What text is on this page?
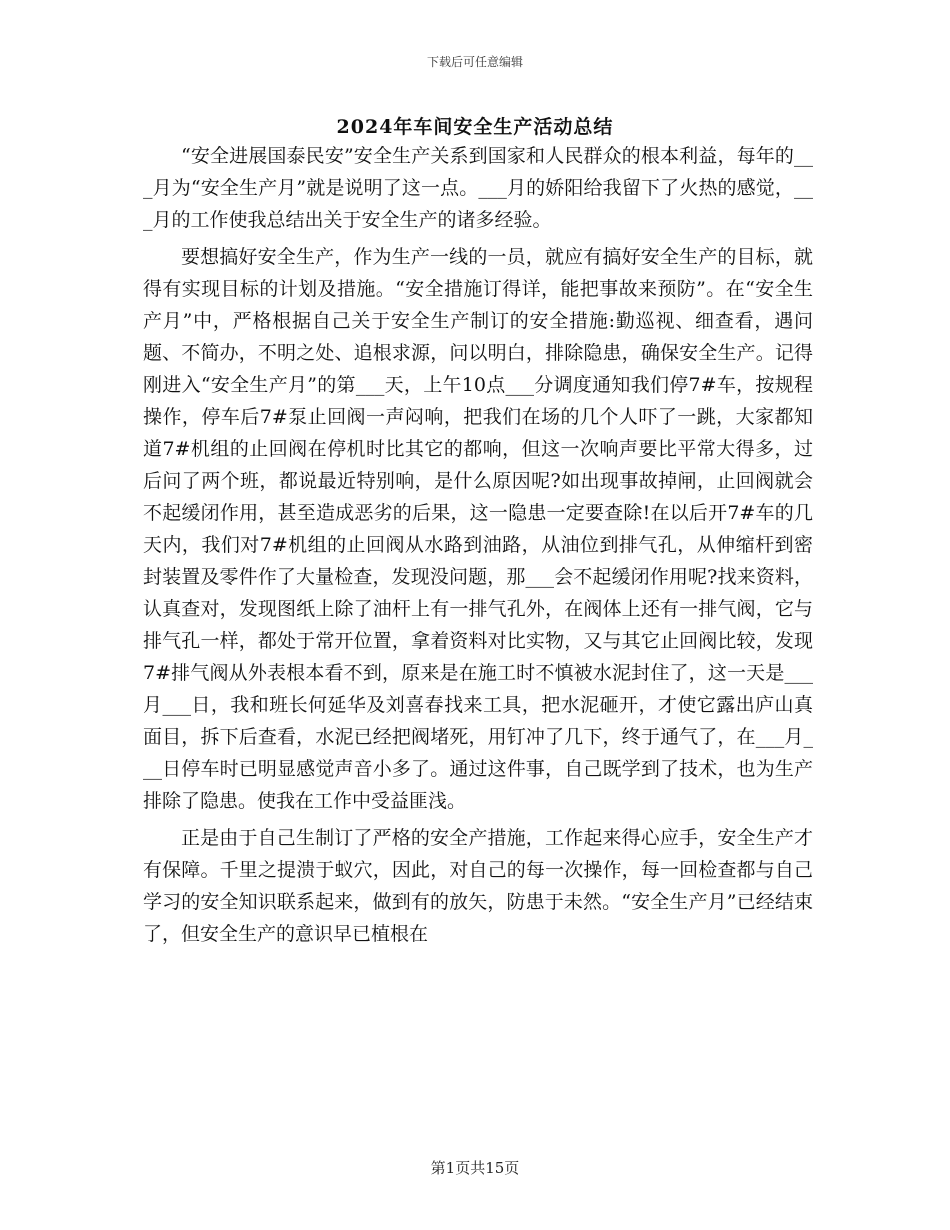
下载后可任意编辑
2024年车间安全生产活动总结

“安全进展国泰民安”安全生产关系到国家和人民群众的根本利益，每年的___月为“安全生产月”就是说明了这一点。___月的娇阳给我留下了火热的感觉，___月的工作使我总结出关于安全生产的诸多经验。

要想搞好安全生产，作为生产一线的一员，就应有搞好安全生产的目标，就得有实现目标的计划及措施。“安全措施订得详，能把事故来预防”。在“安全生产月”中，严格根据自己关于安全生产制订的安全措施:勤巡视、细查看，遇问题、不简办，不明之处、追根求源，问以明白，排除隐患，确保安全生产。记得刚进入“安全生产月”的第___天，上午10点___分调度通知我们停7#车，按规程操作，停车后7#泵止回阀一声闷响，把我们在场的几个人吓了一跳，大家都知道7#机组的止回阀在停机时比其它的都响，但这一次响声要比平常大得多，过后问了两个班，都说最近特别响，是什么原因呢?如出现事故掉闸，止回阀就会不起缓闭作用，甚至造成恶劣的后果，这一隐患一定要查除!在以后开7#车的几天内，我们对7#机组的止回阀从水路到油路，从油位到排气孔，从伸缩杆到密封装置及零件作了大量检查，发现没问题，那___会不起缓闭作用呢?找来资料，认真查对，发现图纸上除了油杆上有一排气孔外，在阀体上还有一排气阀，它与排气孔一样，都处于常开位置，拿着资料对比实物，又与其它止回阀比较，发现7#排气阀从外表根本看不到，原来是在施工时不慎被水泥封住了，这一天是___月___日，我和班长何延华及刘喜春找来工具，把水泥砸开，才使它露出庐山真面目，拆下后查看，水泥已经把阀堵死，用钉冲了几下，终于通气了，在___月___日停车时已明显感觉声音小多了。通过这件事，自己既学到了技术，也为生产排除了隐患。使我在工作中受益匪浅。

正是由于自己生制订了严格的安全产措施，工作起来得心应手，安全生产才有保障。千里之提溃于蚁穴，因此，对自己的每一次操作，每一回检查都与自己学习的安全知识联系起来，做到有的放矢，防患于未然。“安全生产月”已经结束了，但安全生产的意识早已植根在

第1页共15页
